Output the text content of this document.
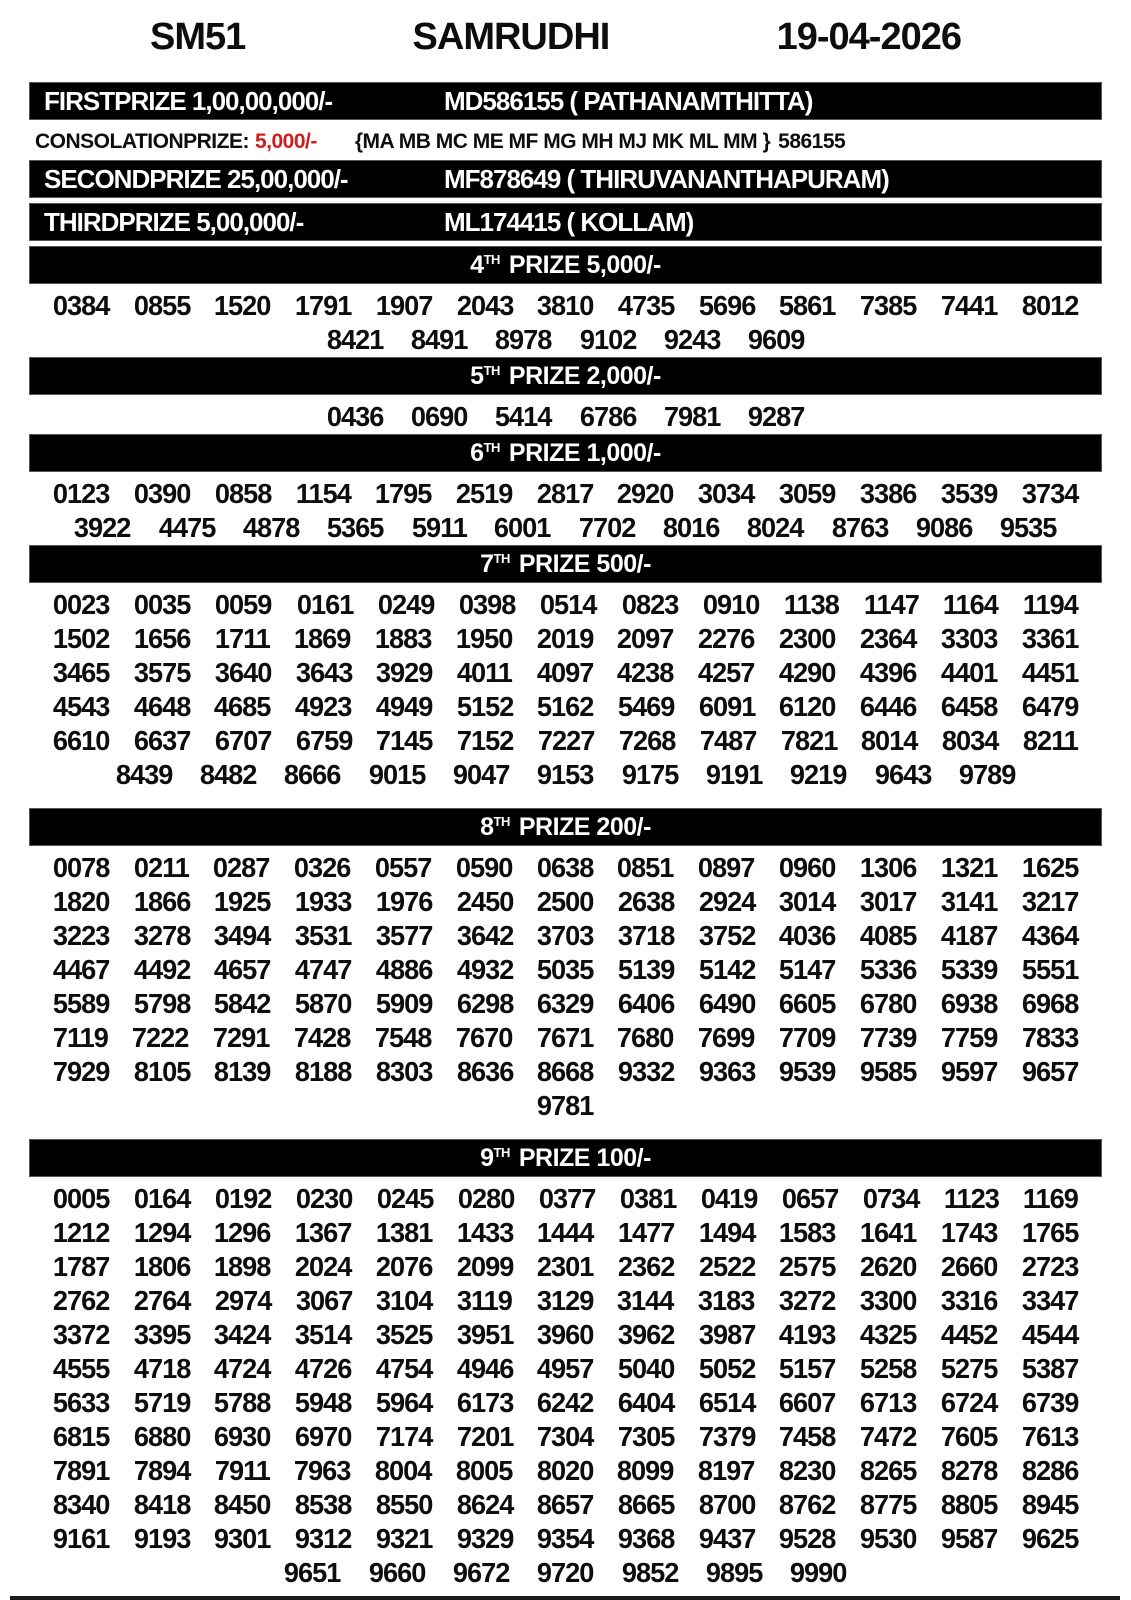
SM51	SAMRUDHI	19-04-2026
FIRSTPRIZE 1,00,00,000/-	MD586155 ( PATHANAMTHITTA)
CONSOLATIONPRIZE: 5,000/- {MA MB MC ME MF MG MH MJ MK ML MM } 586155
SECONDPRIZE 25,00,000/-	MF878649 ( THIRUVANANTHAPURAM)
THIRDPRIZE 5,00,000/-	ML174415 ( KOLLAM)
4 TH PRIZE 5,000/-
0384 0855 1520 1791 1907 2043 3810 4735 5696 5861 7385 7441 8012
8421 8491 8978 9102 9243 9609
5 TH PRIZE 2,000/-
0436 0690 5414 6786 7981 9287
6 TH PRIZE 1,000/-
0123 0390 0858 1154 1795 2519 2817 2920 3034 3059 3386 3539 3734
3922 4475 4878 5365 5911 6001 7702 8016 8024 8763 9086 9535
7 TH PRIZE 500/-
0023 0035 0059 0161 0249 0398 0514 0823 0910 1138 1147 1164 1194
1502 1656 1711 1869 1883 1950 2019 2097 2276 2300 2364 3303 3361
3465 3575 3640 3643 3929 4011 4097 4238 4257 4290 4396 4401 4451
4543 4648 4685 4923 4949 5152 5162 5469 6091 6120 6446 6458 6479
6610 6637 6707 6759 7145 7152 7227 7268 7487 7821 8014 8034 8211
8439 8482 8666 9015 9047 9153 9175 9191 9219 9643 9789
8 TH PRIZE 200/-
0078 0211 0287 0326 0557 0590 0638 0851 0897 0960 1306 1321 1625
1820 1866 1925 1933 1976 2450 2500 2638 2924 3014 3017 3141 3217
3223 3278 3494 3531 3577 3642 3703 3718 3752 4036 4085 4187 4364
4467 4492 4657 4747 4886 4932 5035 5139 5142 5147 5336 5339 5551
5589 5798 5842 5870 5909 6298 6329 6406 6490 6605 6780 6938 6968
7119 7222 7291 7428 7548 7670 7671 7680 7699 7709 7739 7759 7833
7929 8105 8139 8188 8303 8636 8668 9332 9363 9539 9585 9597 9657
9781
9 TH PRIZE 100/-
0005 0164 0192 0230 0245 0280 0377 0381 0419 0657 0734 1123 1169
1212 1294 1296 1367 1381 1433 1444 1477 1494 1583 1641 1743 1765
1787 1806 1898 2024 2076 2099 2301 2362 2522 2575 2620 2660 2723
2762 2764 2974 3067 3104 3119 3129 3144 3183 3272 3300 3316 3347
3372 3395 3424 3514 3525 3951 3960 3962 3987 4193 4325 4452 4544
4555 4718 4724 4726 4754 4946 4957 5040 5052 5157 5258 5275 5387
5633 5719 5788 5948 5964 6173 6242 6404 6514 6607 6713 6724 6739
6815 6880 6930 6970 7174 7201 7304 7305 7379 7458 7472 7605 7613
7891 7894 7911 7963 8004 8005 8020 8099 8197 8230 8265 8278 8286
8340 8418 8450 8538 8550 8624 8657 8665 8700 8762 8775 8805 8945
9161 9193 9301 9312 9321 9329 9354 9368 9437 9528 9530 9587 9625
9651 9660 9672 9720 9852 9895 9990
